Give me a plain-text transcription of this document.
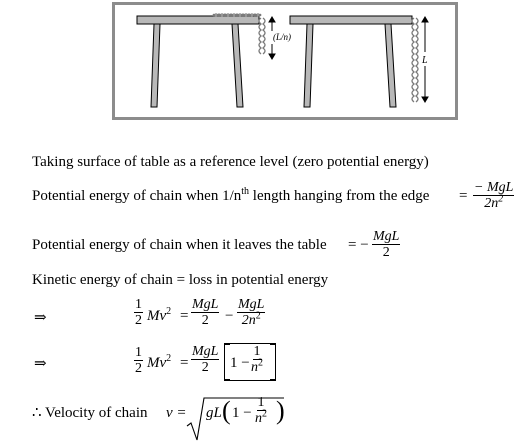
(L/n)
L
Taking surface of table as a reference level (zero potential energy)
Potential energy of chain when $1/n^{th}$ length hanging from the edge =
− MgL
$2n^2$
Potential energy of chain when it leaves the table = −
MgL
2
Kinetic energy of chain = loss in potential energy
⇒	$\frac{1}{2} Mv^2$ =
MgL
2 −
MgL
$2n^2$
⇒	$\frac{1}{2} Mv^2$ =
MgL
2 $1 - \frac{1}{n^2}$
∴ Velocity of chain v = gL ( $1 - \frac{1}{n^2}$ )
